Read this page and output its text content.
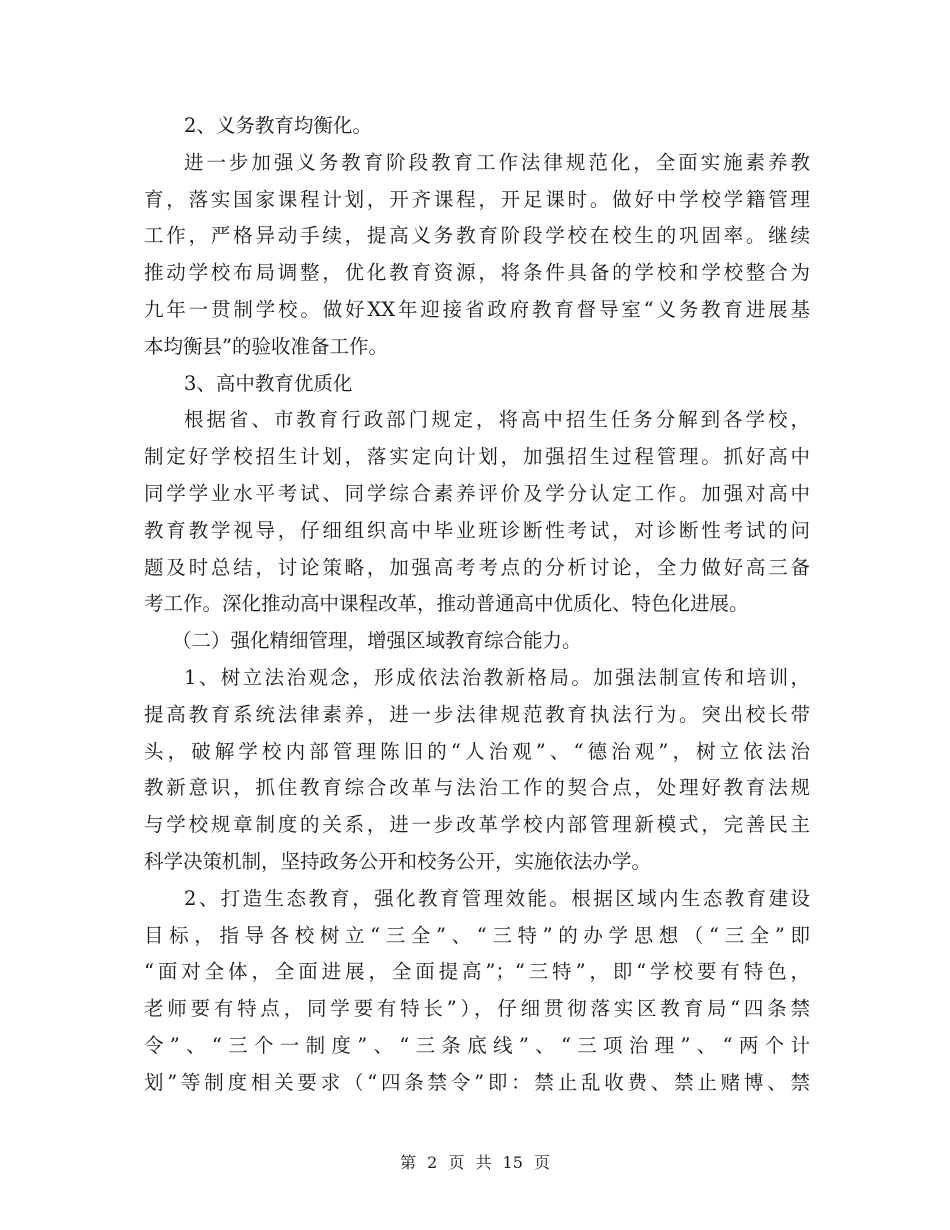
2、义务教育均衡化。
进一步加强义务教育阶段教育工作法律规范化，全面实施素养教
育，落实国家课程计划，开齐课程，开足课时。做好中学校学籍管理
工作，严格异动手续，提高义务教育阶段学校在校生的巩固率。继续
推动学校布局调整，优化教育资源，将条件具备的学校和学校整合为
九年一贯制学校。做好XX年迎接省政府教育督导室“义务教育进展基
本均衡县”的验收准备工作。
3、高中教育优质化
根据省、市教育行政部门规定，将高中招生任务分解到各学校，
制定好学校招生计划，落实定向计划，加强招生过程管理。抓好高中
同学学业水平考试、同学综合素养评价及学分认定工作。加强对高中
教育教学视导，仔细组织高中毕业班诊断性考试，对诊断性考试的问
题及时总结，讨论策略，加强高考考点的分析讨论，全力做好高三备
考工作。深化推动高中课程改革，推动普通高中优质化、特色化进展。
（二）强化精细管理，增强区域教育综合能力。
1、树立法治观念，形成依法治教新格局。加强法制宣传和培训，
提高教育系统法律素养，进一步法律规范教育执法行为。突出校长带
头，破解学校内部管理陈旧的“人治观”、“德治观”，树立依法治
教新意识，抓住教育综合改革与法治工作的契合点，处理好教育法规
与学校规章制度的关系，进一步改革学校内部管理新模式，完善民主
科学决策机制，坚持政务公开和校务公开，实施依法办学。
2、打造生态教育，强化教育管理效能。根据区域内生态教育建设
目标，指导各校树立“三全”、“三特”的办学思想（“三全”即
“面对全体，全面进展，全面提高”；“三特”，即“学校要有特色，
老师要有特点，同学要有特长”），仔细贯彻落实区教育局“四条禁
令”、“三个一制度”、“三条底线”、“三项治理”、“两个计
划”等制度相关要求（“四条禁令”即：禁止乱收费、禁止赌博、禁
第 2 页 共 15 页
